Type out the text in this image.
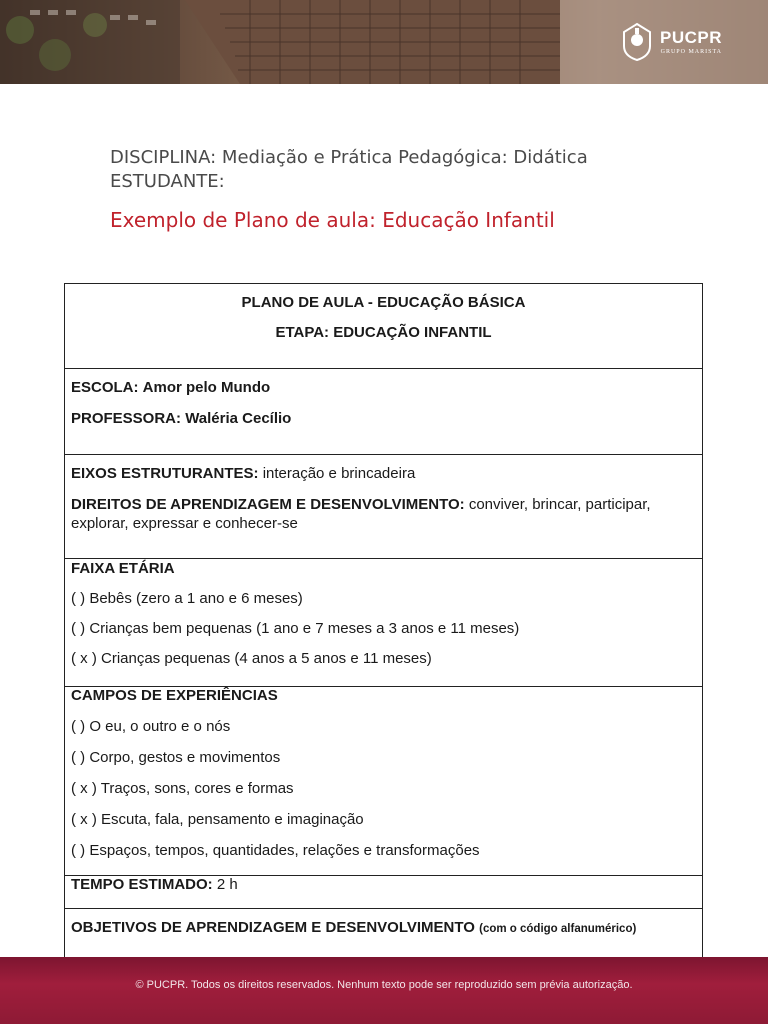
PUCPR
GRUPO MARISTA
DISCIPLINA: Mediação e Prática Pedagógica: Didática
ESTUDANTE:
Exemplo de Plano de aula: Educação Infantil
PLANO DE AULA - EDUCAÇÃO BÁSICA
ETAPA: EDUCAÇÃO INFANTIL

ESCOLA: Amor pelo Mundo
PROFESSORA: Waléria Cecílio

EIXOS ESTRUTURANTES: interação e brincadeira
DIREITOS DE APRENDIZAGEM E DESENVOLVIMENTO: conviver, brincar, participar,
explorar, expressar e conhecer-se

FAIXA ETÁRIA
( ) Bebês (zero a 1 ano e 6 meses)
( ) Crianças bem pequenas (1 ano e 7 meses a 3 anos e 11 meses)
( x ) Crianças pequenas (4 anos a 5 anos e 11 meses)

CAMPOS DE EXPERIÊNCIAS
( ) O eu, o outro e o nós
( ) Corpo, gestos e movimentos
( x ) Traços, sons, cores e formas
( x ) Escuta, fala, pensamento e imaginação
( ) Espaços, tempos, quantidades, relações e transformações

TEMPO ESTIMADO: 2 h
OBJETIVOS DE APRENDIZAGEM E DESENVOLVIMENTO (com o código alfanumérico)
© PUCPR. Todos os direitos reservados. Nenhum texto pode ser reproduzido sem prévia autorização.
